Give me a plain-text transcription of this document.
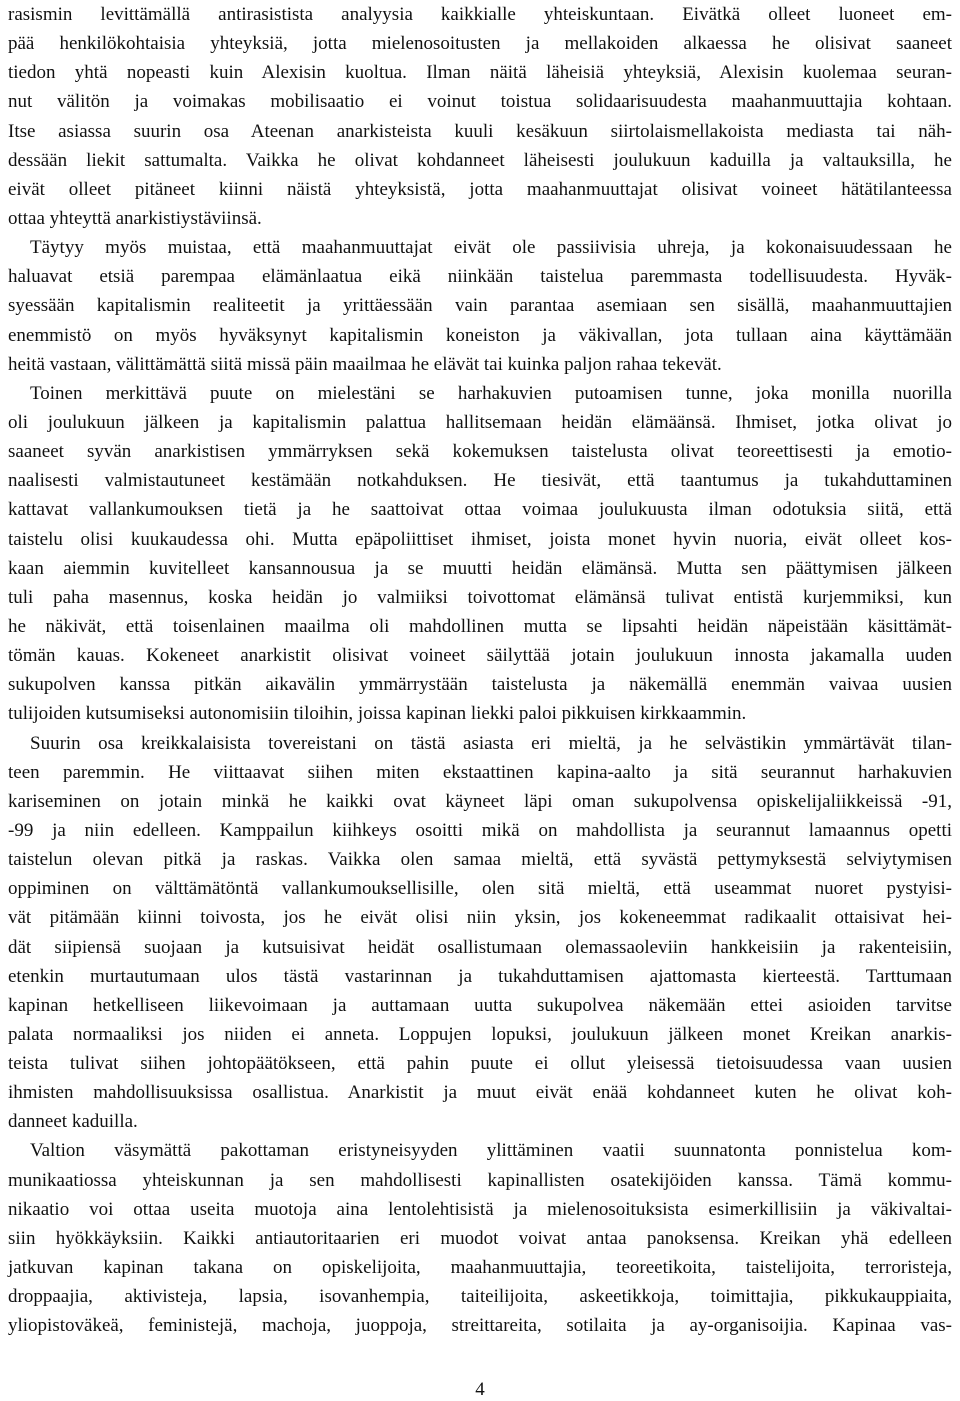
rasismin levittämällä antirasistista analyysia kaikkialle yhteiskuntaan. Eivätkä olleet luoneet em-
pää henkilökohtaisia yhteyksiä, jotta mielenosoitusten ja mellakoiden alkaessa he olisivat saaneet
tiedon yhtä nopeasti kuin Alexisin kuoltua. Ilman näitä läheisiä yhteyksiä, Alexisin kuolemaa seuran-
nut välitön ja voimakas mobilisaatio ei voinut toistua solidaarisuudesta maahanmuuttajia kohtaan.
Itse asiassa suurin osa Ateenan anarkisteista kuuli kesäkuun siirtolaismellakoista mediasta tai näh-
dessään liekit sattumalta. Vaikka he olivat kohdanneet läheisesti joulukuun kaduilla ja valtauksilla, he
eivät olleet pitäneet kiinni näistä yhteyksistä, jotta maahanmuuttajat olisivat voineet hätätilanteessa
ottaa yhteyttä anarkistiystäviinsä.
Täytyy myös muistaa, että maahanmuuttajat eivät ole passiivisia uhreja, ja kokonaisuudessaan he
haluavat etsiä parempaa elämänlaatua eikä niinkään taistelua paremmasta todellisuudesta. Hyväk-
syessään kapitalismin realiteetit ja yrittäessään vain parantaa asemiaan sen sisällä, maahanmuuttajien
enemmistö on myös hyväksynyt kapitalismin koneiston ja väkivallan, jota tullaan aina käyttämään
heitä vastaan, välittämättä siitä missä päin maailmaa he elävät tai kuinka paljon rahaa tekevät.
Toinen merkittävä puute on mielestäni se harhakuvien putoamisen tunne, joka monilla nuorilla
oli joulukuun jälkeen ja kapitalismin palattua hallitsemaan heidän elämäänsä. Ihmiset, jotka olivat jo
saaneet syvän anarkistisen ymmärryksen sekä kokemuksen taistelusta olivat teoreettisesti ja emotio-
naalisesti valmistautuneet kestämään notkahduksen. He tiesivät, että taantumus ja tukahduttaminen
kattavat vallankumouksen tietä ja he saattoivat ottaa voimaa joulukuusta ilman odotuksia siitä, että
taistelu olisi kuukaudessa ohi. Mutta epäpoliittiset ihmiset, joista monet hyvin nuoria, eivät olleet kos-
kaan aiemmin kuvitelleet kansannousua ja se muutti heidän elämänsä. Mutta sen päättymisen jälkeen
tuli paha masennus, koska heidän jo valmiiksi toivottomat elämänsä tulivat entistä kurjemmiksi, kun
he näkivät, että toisenlainen maailma oli mahdollinen mutta se lipsahti heidän näpeistään käsittämät-
tömän kauas. Kokeneet anarkistit olisivat voineet säilyttää jotain joulukuun innosta jakamalla uuden
sukupolven kanssa pitkän aikavälin ymmärrystään taistelusta ja näkemällä enemmän vaivaa uusien
tulijoiden kutsumiseksi autonomisiin tiloihin, joissa kapinan liekki paloi pikkuisen kirkkaammin.
Suurin osa kreikkalaisista tovereistani on tästä asiasta eri mieltä, ja he selvästikin ymmärtävät tilan-
teen paremmin. He viittaavat siihen miten ekstaattinen kapina-aalto ja sitä seurannut harhakuvien
kariseminen on jotain minkä he kaikki ovat käyneet läpi oman sukupolvensa opiskelijaliikkeissä -91,
-99 ja niin edelleen. Kamppailun kiihkeys osoitti mikä on mahdollista ja seurannut lamaannus opetti
taistelun olevan pitkä ja raskas. Vaikka olen samaa mieltä, että syvästä pettymyksestä selviytymisen
oppiminen on välttämätöntä vallankumouksellisille, olen sitä mieltä, että useammat nuoret pystyisi-
vät pitämään kiinni toivosta, jos he eivät olisi niin yksin, jos kokeneemmat radikaalit ottaisivat hei-
dät siipiensä suojaan ja kutsuisivat heidät osallistumaan olemassaoleviin hankkeisiin ja rakenteisiin,
etenkin murtautumaan ulos tästä vastarinnan ja tukahduttamisen ajattomasta kierteestä. Tarttumaan
kapinan hetkelliseen liikevoimaan ja auttamaan uutta sukupolvea näkemään ettei asioiden tarvitse
palata normaaliksi jos niiden ei anneta. Loppujen lopuksi, joulukuun jälkeen monet Kreikan anarkis-
teista tulivat siihen johtopäätökseen, että pahin puute ei ollut yleisessä tietoisuudessa vaan uusien
ihmisten mahdollisuuksissa osallistua. Anarkistit ja muut eivät enää kohdanneet kuten he olivat koh-
danneet kaduilla.
Valtion väsymättä pakottaman eristyneisyyden ylittäminen vaatii suunnatonta ponnistelua kom-
munikaatiossa yhteiskunnan ja sen mahdollisesti kapinallisten osatekijöiden kanssa. Tämä kommu-
nikaatio voi ottaa useita muotoja aina lentolehtisistä ja mielenosoituksista esimerkillisiin ja väkivaltai-
siin hyökkäyksiin. Kaikki antiautoritaarien eri muodot voivat antaa panoksensa. Kreikan yhä edelleen
jatkuvan kapinan takana on opiskelijoita, maahanmuuttajia, teoreetikoita, taistelijoita, terroristeja,
droppaajia, aktivisteja, lapsia, isovanhempia, taiteilijoita, askeetikkoja, toimittajia, pikkukauppiaita,
yliopistoväkeä, feministejä, machoja, juoppoja, streittareita, sotilaita ja ay-organisoijia. Kapinaa vas-
4
